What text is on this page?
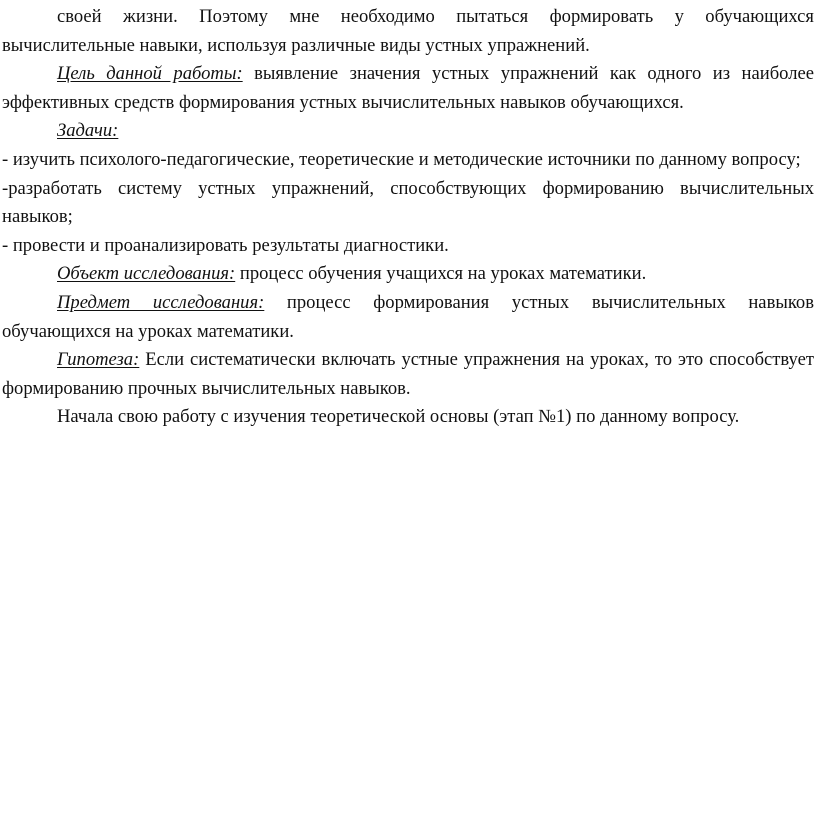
своей жизни. Поэтому мне необходимо пытаться формировать у обучающихся вычислительные навыки, используя различные виды устных упражнений.

Цель данной работы: выявление значения устных упражнений как одного из наиболее эффективных средств формирования устных вычислительных навыков обучающихся.

Задачи:

- изучить психолого-педагогические, теоретические и методические источники по данному вопросу;

-разработать систему устных упражнений, способствующих формированию вычислительных навыков;

- провести и проанализировать результаты диагностики.

Объект исследования: процесс обучения учащихся на уроках математики.

Предмет исследования: процесс формирования устных вычислительных навыков обучающихся на уроках математики.

Гипотеза: Если систематически включать устные упражнения на уроках, то это способствует формированию прочных вычислительных навыков.

Начала свою работу с изучения теоретической основы (этап №1) по данному вопросу.
